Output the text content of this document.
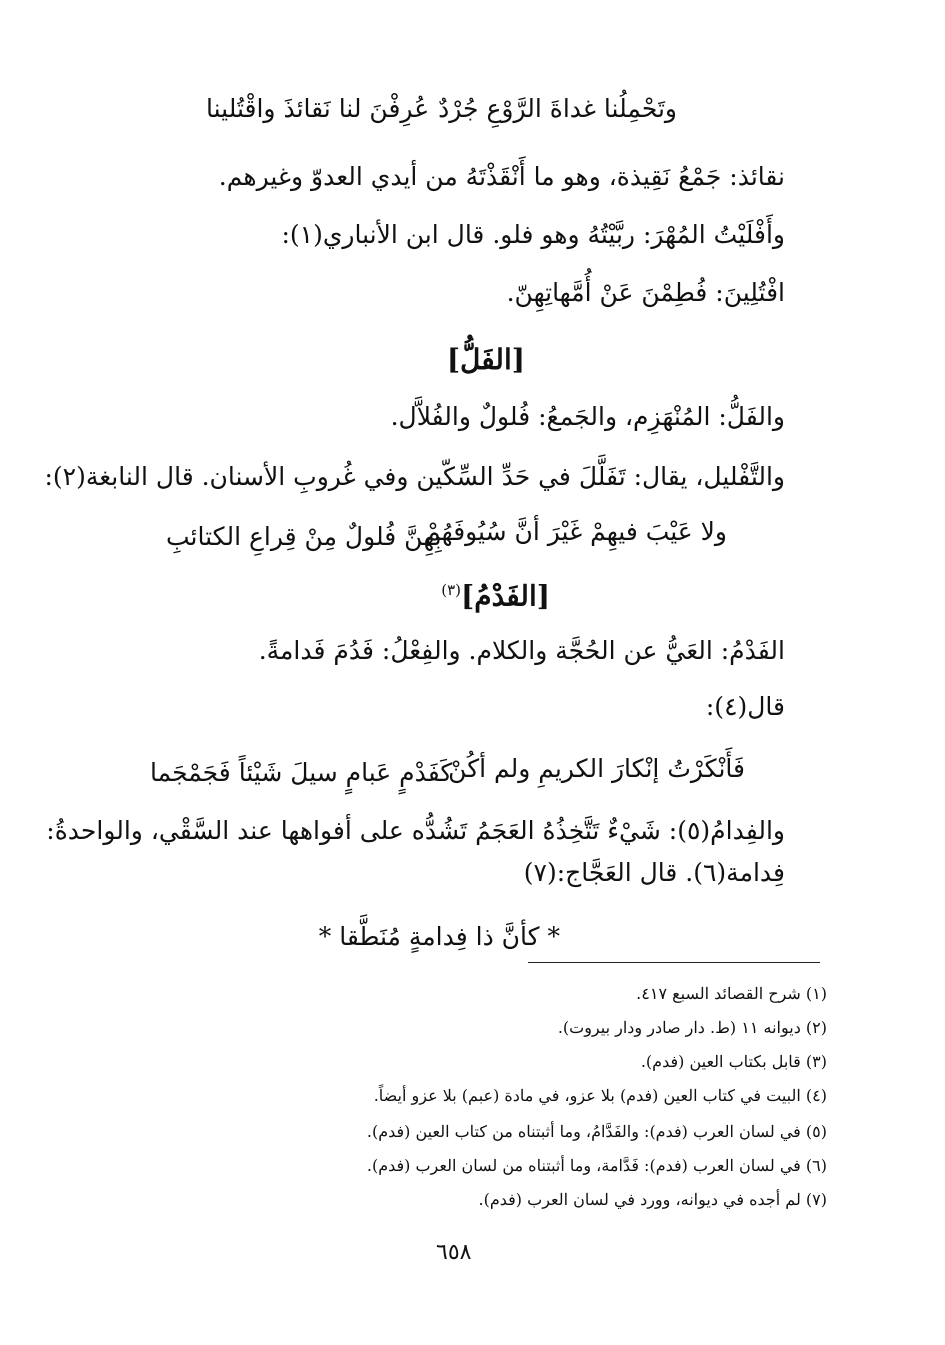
وتَحْمِلُنا غداةَ الرَّوْعِ جُرْدٌ
عُرِفْنَ لنا نَقائذَ واقْتُلينا
نقائذ: جَمْعُ نَقِيذة، وهو ما أَنْقَذْتَهُ من أيدي العدوّ وغيرهم.
وأَفْلَيْتُ المُهْرَ: ربَّيْتُهُ وهو فلو. قال ابن الأنباري(١):
افْتُلِينَ: فُطِمْنَ عَنْ أُمَّهاتِهِنّ.
[الفَلُّ]
والفَلُّ: المُنْهَزِم، والجَمعُ: فُلولٌ والفُلاَّل.
والتَّفْليل، يقال: تَفَلَّلَ في حَدِّ السِّكّين وفي غُروبِ الأسنان. قال النابغة(٢):
ولا عَيْبَ فيهِمْ غَيْرَ أنَّ سُيُوفَهُمْ
بِهِنَّ فُلولٌ مِنْ قِراعِ الكتائبِ
[الفَدْمُ]$^{(٣)}$
الفَدْمُ: العَيُّ عن الحُجَّة والكلام. والفِعْلُ: فَدُمَ فَدامةً.
قال(٤):
فَأَنْكَرْتُ إنْكارَ الكريمِ ولم أكُنْ
كَفَدْمٍ عَبامٍ سيلَ شَيْئاً فَجَمْجَما
والفِدامُ(٥): شَيْءٌ تَتَّخِذُهُ العَجَمُ تَشُدُّه على أفواهها عند السَّقْي، والواحدةُ:
فِدامة(٦). قال العَجَّاج:(٧)
* كأنَّ ذا فِدامةٍ مُنَطَّقا *
(١) شرح القصائد السبع ٤١٧.
(٢) ديوانه ١١ (ط. دار صادر ودار بيروت).
(٣) قابل بكتاب العين (فدم).
(٤) البيت في كتاب العين (فدم) بلا عزو، في مادة (عبم) بلا عزو أيضاً.
(٥) في لسان العرب (فدم): والفَدَّامُ، وما أثبتناه من كتاب العين (فدم).
(٦) في لسان العرب (فدم): فَدَّامة، وما أثبتناه من لسان العرب (فدم).
(٧) لم أجده في ديوانه، وورد في لسان العرب (فدم).
٦٥٨
